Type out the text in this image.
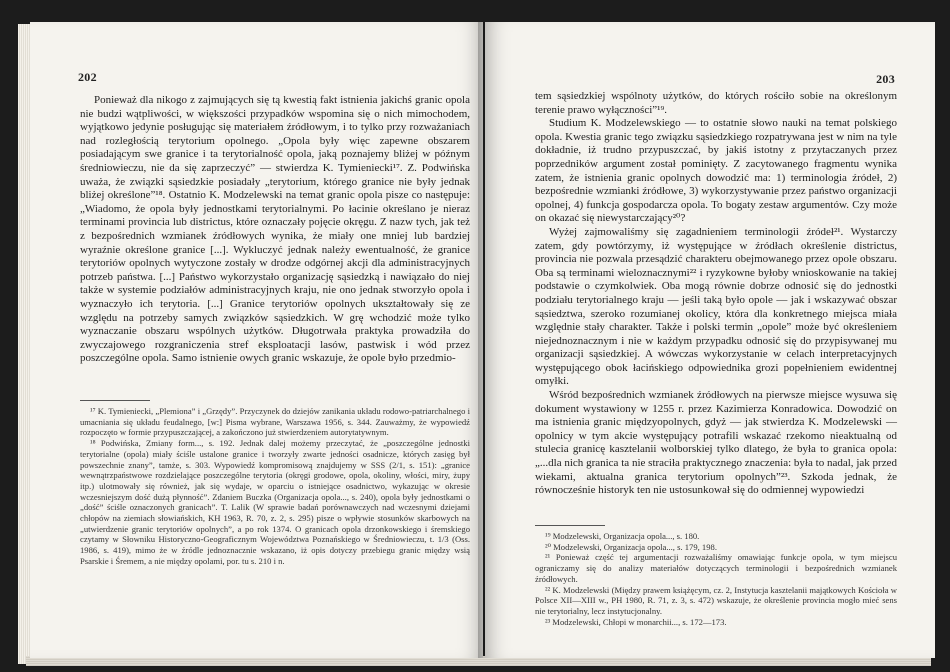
202

Ponieważ dla nikogo z zajmujących się tą kwestią fakt istnienia jakichś granic opola nie budzi wątpliwości, w większości przypadków wspomina się o nich mimochodem, wyjątkowo jedynie posługując się materiałem źródłowym, i to tylko przy rozważaniach nad rozległością terytorium opolnego. „Opola były więc zapewne obszarem posiadającym swe granice i ta terytorialność opola, jaką poznajemy bliżej w późnym średniowieczu, nie da się zaprzeczyć” — stwierdza K. Tymieniecki¹⁷. Z. Podwińska uważa, że związki sąsiedzkie posiadały „terytorium, którego granice nie były jednak bliżej określone”¹⁸. Ostatnio K. Modzelewski na temat granic opola pisze co następuje: „Wiadomo, że opola były jednostkami terytorialnymi. Po łacinie określano je nieraz terminami provincia lub districtus, które oznaczały pojęcie okręgu. Z nazw tych, jak też z bezpośrednich wzmianek źródłowych wynika, że miały one mniej lub bardziej wyraźnie określone granice [...]. Wykluczyć jednak należy ewentualność, że granice terytoriów opolnych wytyczone zostały w drodze odgórnej akcji dla administracyjnych potrzeb państwa. [...] Państwo wykorzystało organizację sąsiedzką i nawiązało do niej także w systemie podziałów administracyjnych kraju, nie ono jednak stworzyło opola i wyznaczyło ich terytoria. [...] Granice terytoriów opolnych ukształtowały się ze względu na potrzeby samych związków sąsiedzkich. W grę wchodzić może tylko wyznaczanie obszaru wspólnych użytków. Długotrwała praktyka prowadziła do zwyczajowego rozgraniczenia stref eksploatacji lasów, pastwisk i wód przez poszczególne opola. Samo istnienie owych granic wskazuje, że opole było przedmio-

¹⁷ K. Tymieniecki, „Plemiona” i „Grzędy”. Przyczynek do dziejów zanikania układu rodowo-patriarchalnego i umacniania się układu feudalnego, [w:] Pisma wybrane, Warszawa 1956, s. 344. Zauważmy, że wypowiedź rozpoczęto w formie przypuszczającej, a zakończono już stwierdzeniem autorytatywnym.

¹⁸ Podwińska, Zmiany form..., s. 192. Jednak dalej możemy przeczytać, że „poszczególne jednostki terytorialne (opola) miały ściśle ustalone granice i tworzyły zwarte jedności osadnicze, których zasięg był powszechnie znany”, tamże, s. 303. Wypowiedź kompromisową znajdujemy w SSS (2/1, s. 151): „granice wewnątrzpaństwowe rozdzielające poszczególne terytoria (okręgi grodowe, opola, okoliny, włości, miry, żupy itp.) ulotmowały się również, jak się wydaje, w oparciu o istniejące osadnictwo, wykazując w okresie wczesniejszym dość dużą płynność”. Zdaniem Buczka (Organizacja opola..., s. 240), opola były jednostkami o „dość” ściśle oznaczonych granicach”. T. Lalik (W sprawie badań porównawczych nad wczesnymi dziejami chłopów na ziemiach słowiańskich, KH 1963, R. 70, z. 2, s. 295) pisze o wpływie stosunków skarbowych na „utwierdzenie granic terytoriów opolnych”, a po rok 1374. O granicach opola drzonkowskiego i śremskiego czytamy w Słowniku Historyczno-Geograficznym Województwa Poznańskiego w Średniowieczu, t. 1/3 (Oss. 1986, s. 419), mimo że w źródle jednoznacznie wskazano, iż opis dotyczy przebiegu granic między wsią Psarskie i Śremem, a nie między opolami, por. tu s. 210 i n.

203

tem sąsiedzkiej wspólnoty użytków, do których rościło sobie na określonym terenie prawo wyłączności”¹⁹.

Studium K. Modzelewskiego — to ostatnie słowo nauki na temat polskiego opola. Kwestia granic tego związku sąsiedzkiego rozpatrywana jest w nim na tyle dokładnie, iż trudno przypuszczać, by jakiś istotny z przytaczanych przez poprzedników argument został pominięty. Z zacytowanego fragmentu wynika zatem, że istnienia granic opolnych dowodzić ma: 1) terminologia źródeł, 2) bezpośrednie wzmianki źródłowe, 3) wykorzystywanie przez państwo organizacji opolnej, 4) funkcja gospodarcza opola. To bogaty zestaw argumentów. Czy może on okazać się niewystarczający²⁰?

Wyżej zajmowaliśmy się zagadnieniem terminologii źródeł²¹. Wystarczy zatem, gdy powtórzymy, iż występujące w źródłach określenie districtus, provincia nie pozwala przesądzić charakteru obejmowanego przez opole obszaru. Oba są terminami wieloznacznymi²² i ryzykowne byłoby wnioskowanie na takiej podstawie o czymkolwiek. Oba mogą równie dobrze odnosić się do jednostki podziału terytorialnego kraju — jeśli taką było opole — jak i wskazywać obszar sąsiedztwa, szeroko rozumianej okolicy, która dla konkretnego miejsca miała względnie stały charakter. Także i polski termin „opole” może być określeniem niejednoznacznym i nie w każdym przypadku odnosić się do przypisywanej mu organizacji sąsiedzkiej. A wówczas wykorzystanie w celach interpretacyjnych występującego obok łacińskiego odpowiednika grozi popełnieniem ewidentnej omyłki.

Wśród bezpośrednich wzmianek źródłowych na pierwsze miejsce wysuwa się dokument wystawiony w 1255 r. przez Kazimierza Konradowica. Dowodzić on ma istnienia granic międzyopolnych, gdyż — jak stwierdza K. Modzelewski — opolnicy w tym akcie występujący potrafili wskazać rzekomo nieaktualną od stulecia granicę kasztelanii wolborskiej tylko dlatego, że była to granica opola: „...dla nich granica ta nie straciła praktycznego znaczenia: była to nadal, jak przed wiekami, aktualna granica terytorium opolnych”²³. Szkoda jednak, że równocześnie historyk ten nie ustosunkował się do odmiennej wypowiedzi

¹⁹ Modzelewski, Organizacja opola..., s. 180.

²⁰ Modzelewski, Organizacja opola..., s. 179, 198.

²¹ Ponieważ część tej argumentacji rozważaliśmy omawiając funkcje opola, w tym miejscu ograniczamy się do analizy materiałów dotyczących terminologii i bezpośrednich wzmianek źródłowych.

²² K. Modzelewski (Między prawem książęcym, cz. 2, Instytucja kasztelanii majątkowych Kościoła w Polsce XII—XIII w., PH 1980, R. 71, z. 3, s. 472) wskazuje, że określenie provincia mogło mieć sens nie terytorialny, lecz instytucjonalny.

²³ Modzelewski, Chłopi w monarchii..., s. 172—173.
